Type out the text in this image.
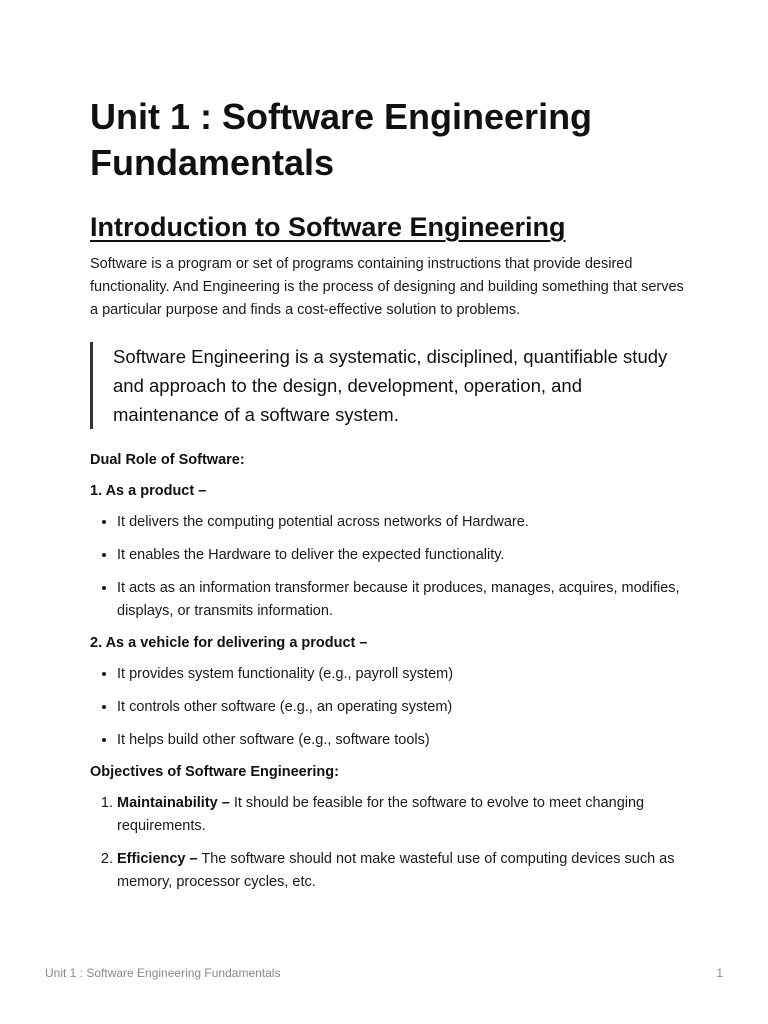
Unit 1 : Software Engineering Fundamentals
Introduction to Software Engineering

Software is a program or set of programs containing instructions that provide desired functionality. And Engineering is the process of designing and building something that serves a particular purpose and finds a cost-effective solution to problems.

Software Engineering is a systematic, disciplined, quantifiable study and approach to the design, development, operation, and maintenance of a software system.
Dual Role of Software:
1. As a product –
• It delivers the computing potential across networks of Hardware.
• It enables the Hardware to deliver the expected functionality.
• It acts as an information transformer because it produces, manages, acquires, modifies, displays, or transmits information.
2. As a vehicle for delivering a product –
• It provides system functionality (e.g., payroll system)
• It controls other software (e.g., an operating system)
• It helps build other software (e.g., software tools)
Objectives of Software Engineering:
1. Maintainability – It should be feasible for the software to evolve to meet changing requirements.
2. Efficiency – The software should not make wasteful use of computing devices such as memory, processor cycles, etc.
Unit 1 : Software Engineering Fundamentals	1
